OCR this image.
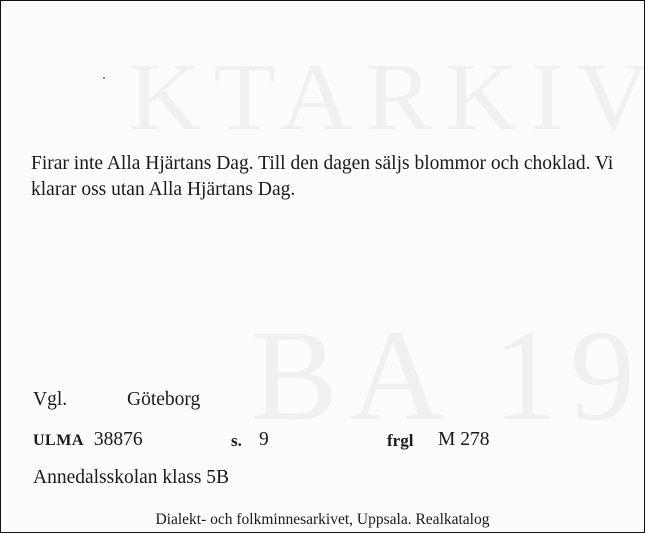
Firar inte Alla Hjärtans Dag. Till den dagen säljs blommor och choklad. Vi klarar oss utan Alla Hjärtans Dag.
Vgl.	Göteborg
ULMA 38876	s. 9	frgl M 278
Annedalsskolan klass 5B
Dialekt- och folkminnesarkivet, Uppsala. Realkatalog
